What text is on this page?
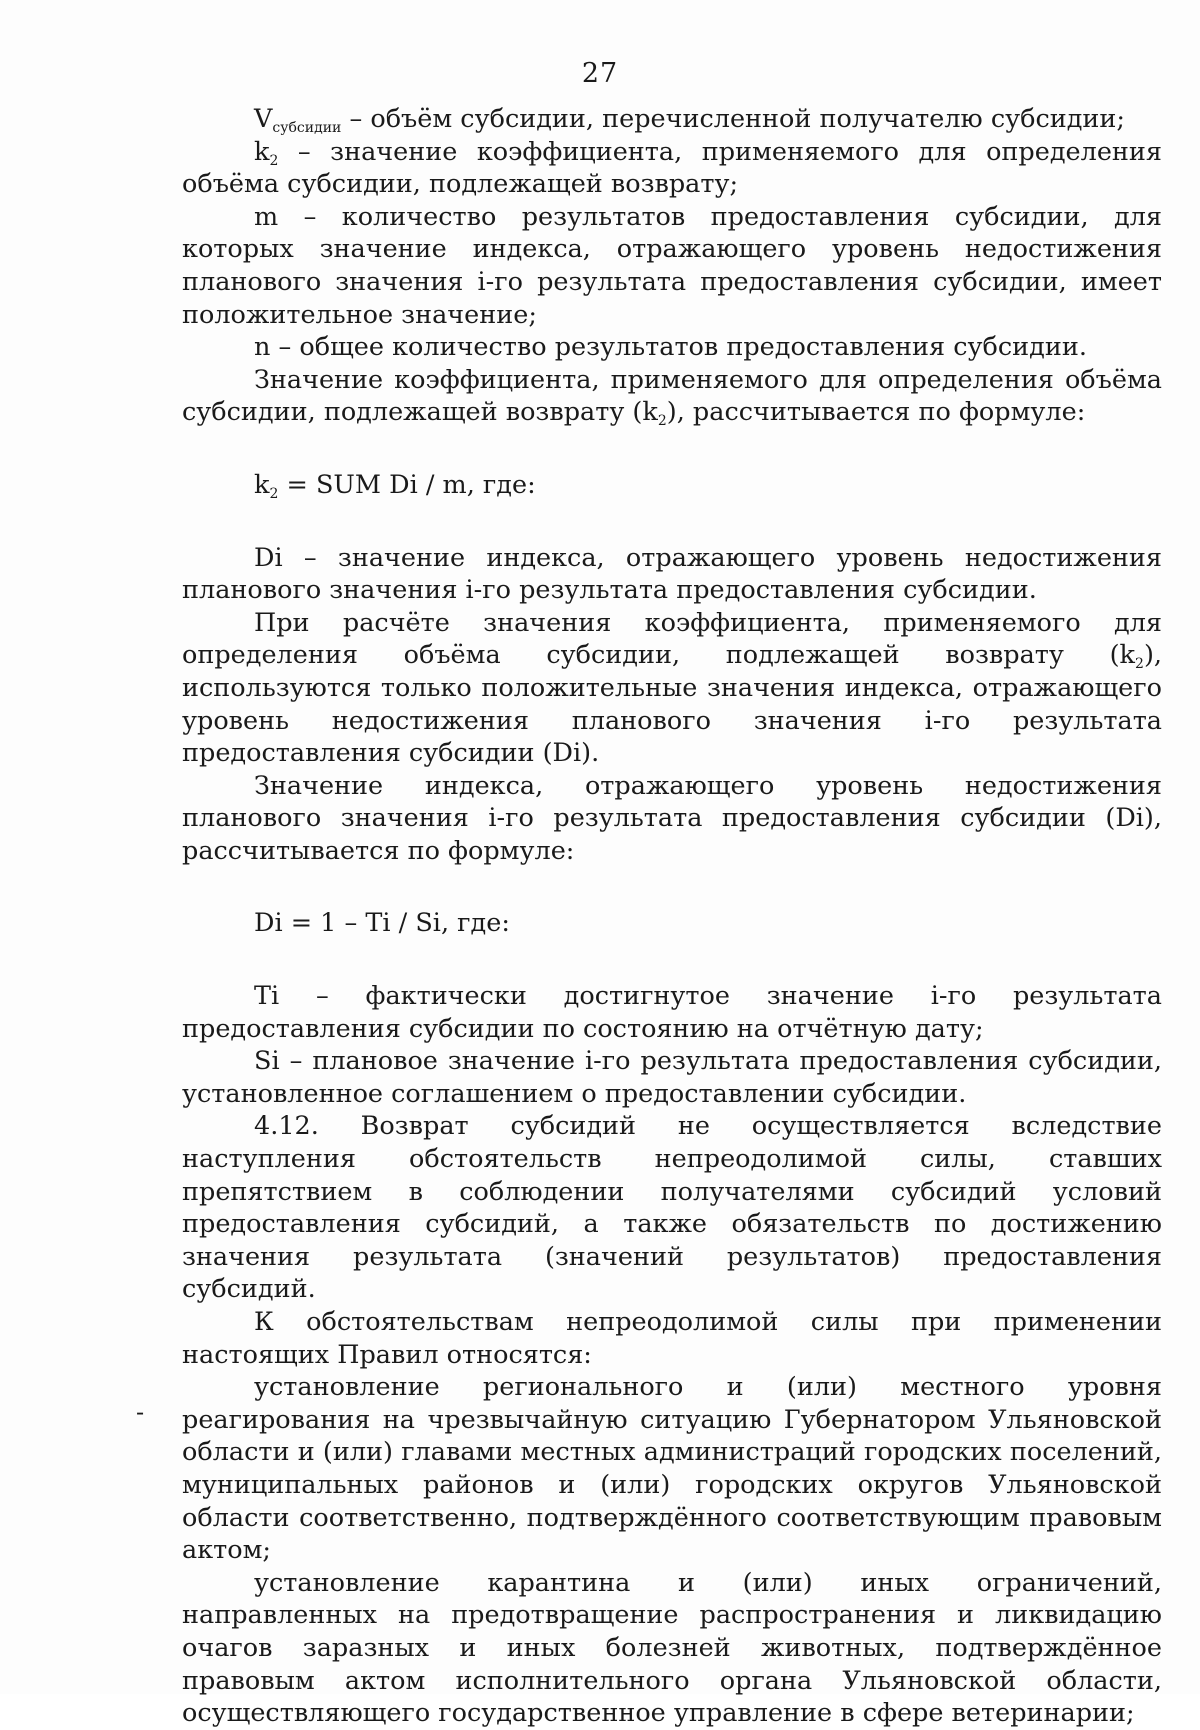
27

$V_{субсидии}$ – объём субсидии, перечисленной получателю субсидии;

$k_2$ – значение коэффициента, применяемого для определения объёма субсидии, подлежащей возврату;

m – количество результатов предоставления субсидии, для которых значение индекса, отражающего уровень недостижения планового значения i-го результата предоставления субсидии, имеет положительное значение;

n – общее количество результатов предоставления субсидии.

Значение коэффициента, применяемого для определения объёма субсидии, подлежащей возврату $(k_2)$, рассчитывается по формуле:

$k_2$ = SUM Di / m, где:

Di – значение индекса, отражающего уровень недостижения планового значения i-го результата предоставления субсидии.

При расчёте значения коэффициента, применяемого для определения объёма субсидии, подлежащей возврату $(k_2)$, используются только положительные значения индекса, отражающего уровень недостижения планового значения i-го результата предоставления субсидии (Di).

Значение индекса, отражающего уровень недостижения планового значения i-го результата предоставления субсидии (Di), рассчитывается по формуле:

Di = 1 – Ti / Si, где:

Ti – фактически достигнутое значение i-го результата предоставления субсидии по состоянию на отчётную дату;

Si – плановое значение i-го результата предоставления субсидии, установленное соглашением о предоставлении субсидии.

4.12. Возврат субсидий не осуществляется вследствие наступления обстоятельств непреодолимой силы, ставших препятствием в соблюдении получателями субсидий условий предоставления субсидий, а также обязательств по достижению значения результата (значений результатов) предоставления субсидий.

К обстоятельствам непреодолимой силы при применении настоящих Правил относятся:

установление регионального и (или) местного уровня реагирования на чрезвычайную ситуацию Губернатором Ульяновской области и (или) главами местных администраций городских поселений, муниципальных районов и (или) городских округов Ульяновской области соответственно, подтверждённого соответствующим правовым актом;

установление карантина и (или) иных ограничений, направленных на предотвращение распространения и ликвидацию очагов заразных и иных болезней животных, подтверждённое правовым актом исполнительного органа Ульяновской области, осуществляющего государственное управление в сфере ветеринарии;

-
